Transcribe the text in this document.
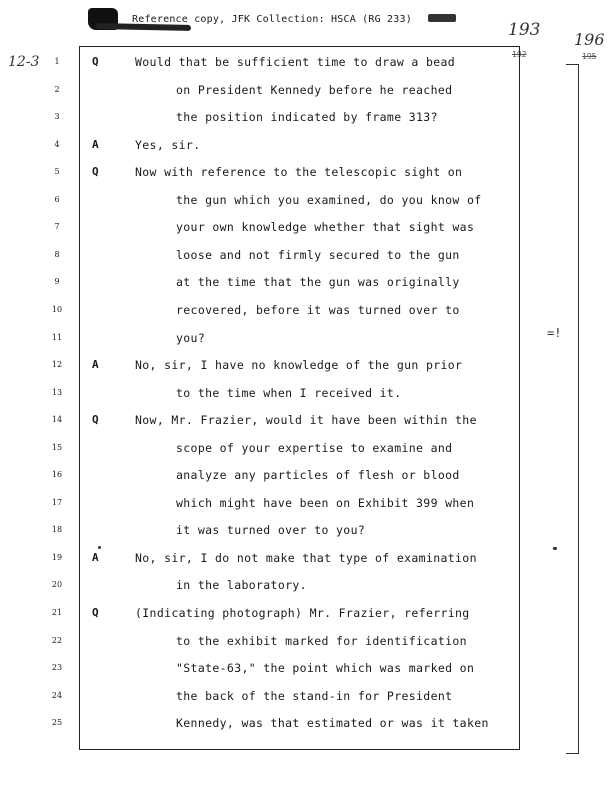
Reference copy, JFK Collection: HSCA (RG 233)
193
192
196
195
12-3
=!
1	Q	Would that be sufficient time to draw a bead
2	on President Kennedy before he reached
3	the position indicated by frame 313?
4	A	Yes, sir.
5	Q	Now with reference to the telescopic sight on
6	the gun which you examined, do you know of
7	your own knowledge whether that sight was
8	loose and not firmly secured to the gun
9	at the time that the gun was originally
10	recovered, before it was turned over to
11	you?
12	A	No, sir, I have no knowledge of the gun prior
13	to the time when I received it.
14	Q	Now, Mr. Frazier, would it have been within the
15	scope of your expertise to examine and
16	analyze any particles of flesh or blood
17	which might have been on Exhibit 399 when
18	it was turned over to you?
19	A	No, sir, I do not make that type of examination
20	in the laboratory.
21	Q	(Indicating photograph) Mr. Frazier, referring
22	to the exhibit marked for identification
23	"State-63," the point which was marked on
24	the back of the stand-in for President
25	Kennedy, was that estimated or was it taken
